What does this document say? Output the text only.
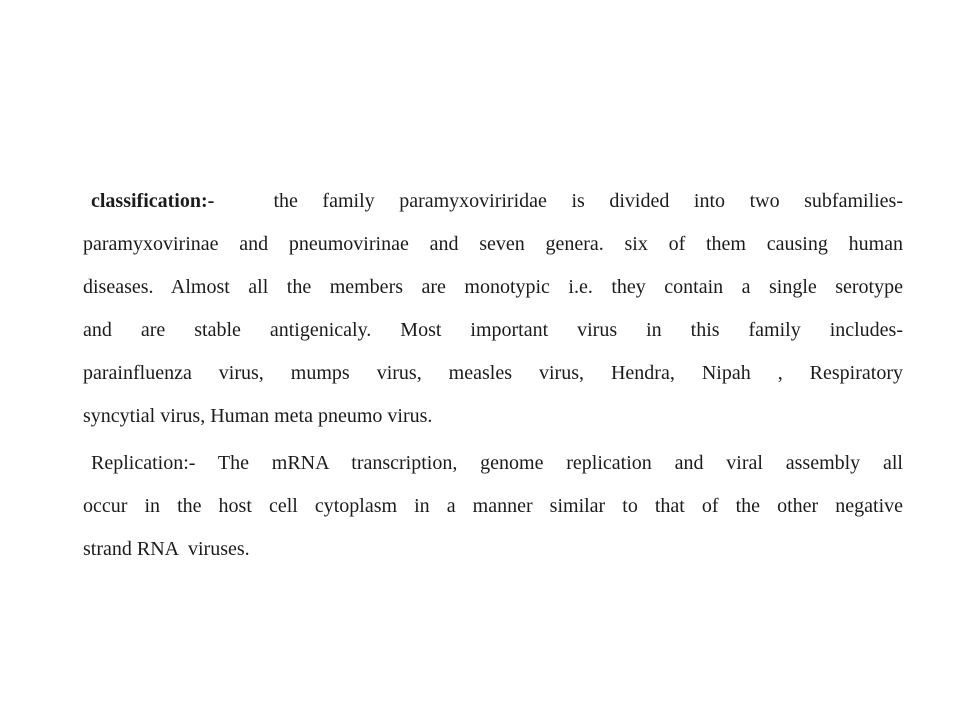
classification:-	the family paramyxoviriridae is divided into two subfamilies-
paramyxovirinae and pneumovirinae and seven genera. six of them causing human
diseases. Almost all the members are monotypic i.e. they contain a single serotype
and are stable antigenicaly. Most important virus in this family includes-
parainfluenza virus, mumps virus, measles virus, Hendra, Nipah , Respiratory
syncytial virus, Human meta pneumo virus.
Replication:- The mRNA transcription, genome replication and viral assembly all
occur in the host cell cytoplasm in a manner similar to that of the other negative
strand RNA  viruses.
